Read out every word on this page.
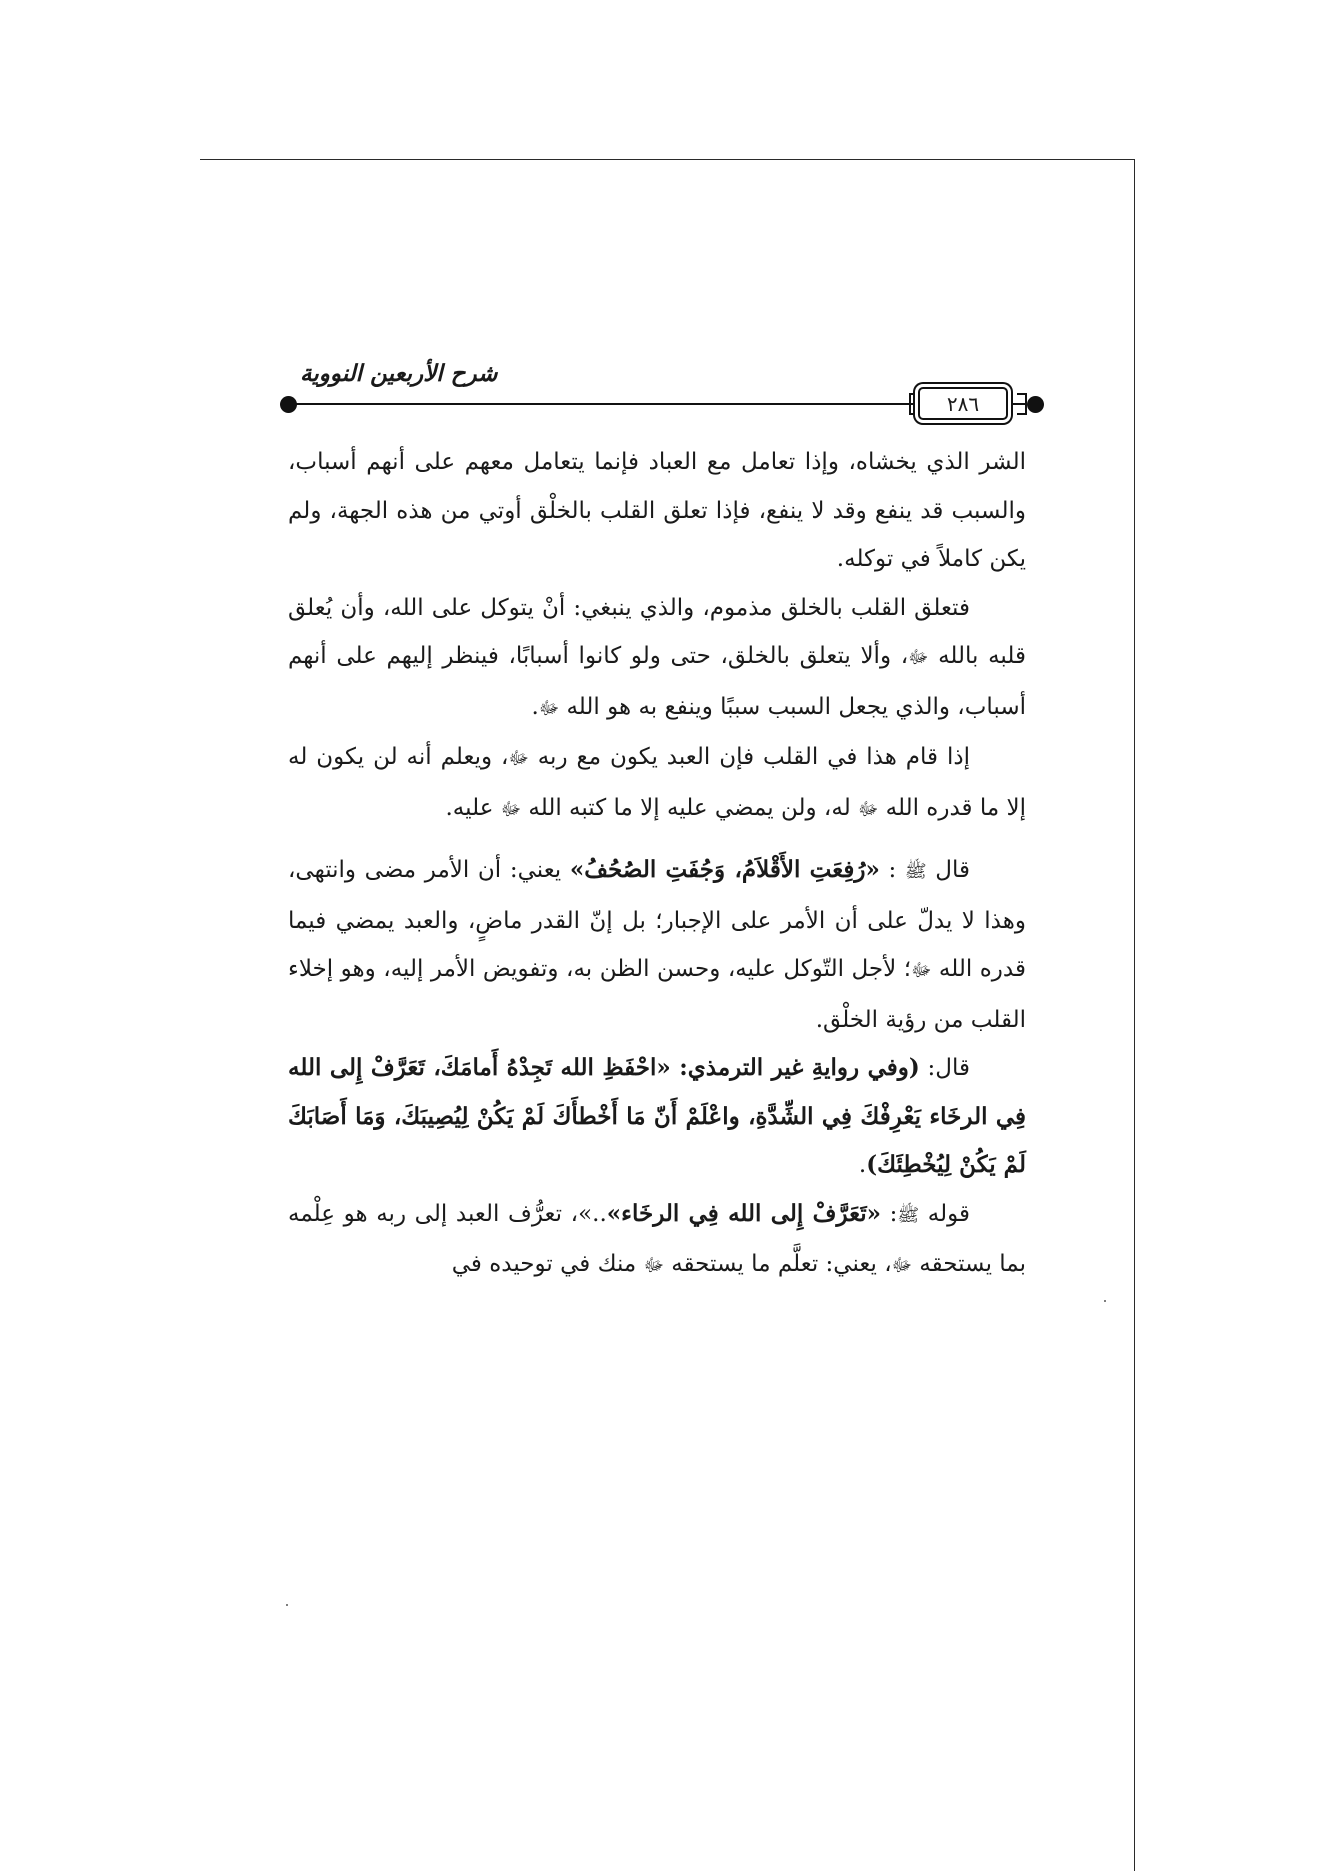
شرح الأربعين النووية
٢٨٦

الشر الذي يخشاه، وإذا تعامل مع العباد فإنما يتعامل معهم على أنهم أسباب، والسبب قد ينفع وقد لا ينفع، فإذا تعلق القلب بالخلْق أوتي من هذه الجهة، ولم يكن كاملاً في توكله.

فتعلق القلب بالخلق مذموم، والذي ينبغي: أنْ يتوكل على الله، وأن يُعلق قلبه بالله ﷻ، وألا يتعلق بالخلق، حتى ولو كانوا أسبابًا، فينظر إليهم على أنهم أسباب، والذي يجعل السبب سببًا وينفع به هو الله ﷻ.

إذا قام هذا في القلب فإن العبد يكون مع ربه ﷻ، ويعلم أنه لن يكون له إلا ما قدره الله ﷻ له، ولن يمضي عليه إلا ما كتبه الله ﷻ عليه.

قال ﷺ : «رُفِعَتِ الأَقْلاَمُ، وَجُفَتِ الصُحُفُ» يعني: أن الأمر مضى وانتهى، وهذا لا يدلّ على أن الأمر على الإجبار؛ بل إنّ القدر ماضٍ، والعبد يمضي فيما قدره الله ﷻ؛ لأجل التّوكل عليه، وحسن الظن به، وتفويض الأمر إليه، وهو إخلاء القلب من رؤية الخلْق.

قال: (وفي روايةِ غير الترمذي: «احْفَظِ الله تَجِدْهُ أَمامَكَ، تَعَرَّفْ إِلى الله فِي الرخَاء يَعْرِفْكَ فِي الشِّدَّةِ، واعْلَمْ أَنّ مَا أَخْطأَكَ لَمْ يَكُنْ لِيُصِيبَكَ، وَمَا أَصَابَكَ لَمْ يَكُنْ لِيُخْطِئَكَ).

قوله ﷺ: «تَعَرَّفْ إِلى الله فِي الرخَاء»..»، تعرُّف العبد إلى ربه هو عِلْمه بما يستحقه ﷻ، يعني: تعلَّم ما يستحقه ﷻ منك في توحيده في
